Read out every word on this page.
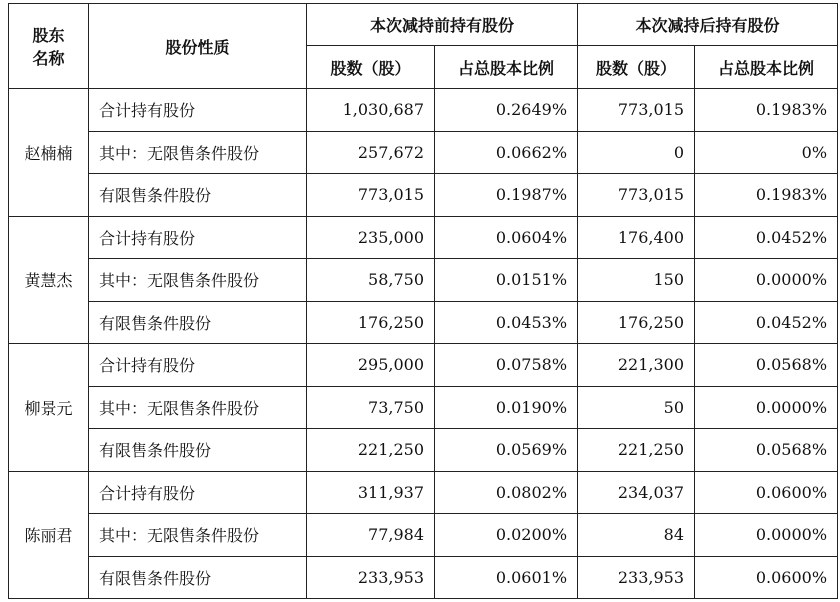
股东
名称	股份性质	本次减持前持有股份		本次减持后持有股份	
		股数（股）	占总股本比例	股数（股）	占总股本比例
赵楠楠	合计持有股份	1,030,687	0.2649%	773,015	0.1983%
	其中：无限售条件股份	257,672	0.0662%	0	0%
	有限售条件股份	773,015	0.1987%	773,015	0.1983%
黄慧杰	合计持有股份	235,000	0.0604%	176,400	0.0452%
	其中：无限售条件股份	58,750	0.0151%	150	0.0000%
	有限售条件股份	176,250	0.0453%	176,250	0.0452%
柳景元	合计持有股份	295,000	0.0758%	221,300	0.0568%
	其中：无限售条件股份	73,750	0.0190%	50	0.0000%
	有限售条件股份	221,250	0.0569%	221,250	0.0568%
陈丽君	合计持有股份	311,937	0.0802%	234,037	0.0600%
	其中：无限售条件股份	77,984	0.0200%	84	0.0000%
	有限售条件股份	233,953	0.0601%	233,953	0.0600%
